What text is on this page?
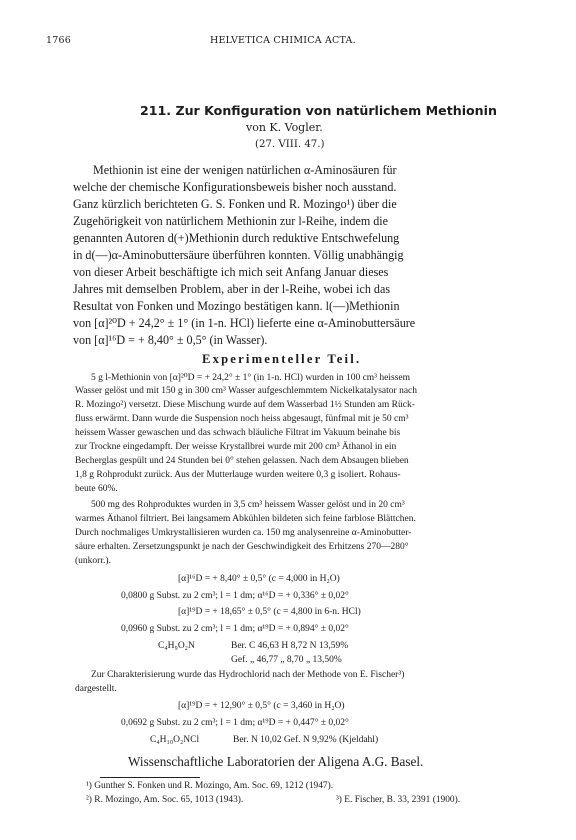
1766	HELVETICA CHIMICA ACTA.
211. Zur Konfiguration von natürlichem Methionin
von K. Vogler.
(27. VIII. 47.)
Methionin ist eine der wenigen natürlichen α-Aminosäuren für
welche der chemische Konfigurationsbeweis bisher noch ausstand.
Ganz kürzlich berichteten G. S. Fonken und R. Mozingo¹) über die
Zugehörigkeit von natürlichem Methionin zur l-Reihe, indem die
genannten Autoren d(+)Methionin durch reduktive Entschwefelung
in d(—)α-Aminobuttersäure überführen konnten. Völlig unabhängig
von dieser Arbeit beschäftigte ich mich seit Anfang Januar dieses
Jahres mit demselben Problem, aber in der l-Reihe, wobei ich das
Resultat von Fonken und Mozingo bestätigen kann. l(—)Methionin
von [α]²⁰D + 24,2° ± 1° (in 1-n. HCl) lieferte eine α-Aminobuttersäure
von [α]¹⁶D = + 8,40° ± 0,5° (in Wasser).
Experimenteller Teil.
5 g l-Methionin von [α]²⁰D = + 24,2° ± 1° (in 1-n. HCl) wurden in 100 cm³ heissem
Wasser gelöst und mit 150 g in 300 cm³ Wasser aufgeschlemmtem Nickelkatalysator nach
R. Mozingo²) versetzt. Diese Mischung wurde auf dem Wasserbad 1½ Stunden am Rück-
fluss erwärmt. Dann wurde die Suspension noch heiss abgesaugt, fünfmal mit je 50 cm³
heissem Wasser gewaschen und das schwach bläuliche Filtrat im Vakuum beinahe bis
zur Trockne eingedampft. Der weisse Krystallbrei wurde mit 200 cm³ Äthanol in ein
Becherglas gespült und 24 Stunden bei 0° stehen gelassen. Nach dem Absaugen blieben
1,8 g Rohprodukt zurück. Aus der Mutterlauge wurden weitere 0,3 g isoliert. Rohaus-
beute 60%.
500 mg des Rohproduktes wurden in 3,5 cm³ heissem Wasser gelöst und in 20 cm³
warmes Äthanol filtriert. Bei langsamem Abkühlen bildeten sich feine farblose Blättchen.
Durch nochmaliges Umkrystallisieren wurden ca. 150 mg analysenreine α-Aminobutter-
säure erhalten. Zersetzungspunkt je nach der Geschwindigkeit des Erhitzens 270—280°
(unkorr.).
[α]¹⁶D = + 8,40° ± 0,5° (c = 4,000 in H₂O)
0,0800 g Subst. zu 2 cm³; l = 1 dm; α¹⁶D = + 0,336° ± 0,02°
[α]¹⁹D = + 18,65° ± 0,5° (c = 4,800 in 6-n. HCl)
0,0960 g Subst. zu 2 cm³; l = 1 dm; α¹⁹D = + 0,894° ± 0,02°
C₄H₉O₂N	Ber. C 46,63 H 8,72 N 13,59%
Gef. „ 46,77 „ 8,70 „ 13,50%
Zur Charakterisierung wurde das Hydrochlorid nach der Methode von E. Fischer³)
dargestellt.
[α]¹⁹D = + 12,90° ± 0,5° (c = 3,460 in H₂O)
0,0692 g Subst. zu 2 cm³; l = 1 dm; α¹⁹D = + 0,447° ± 0,02°
C₄H₁₀O₂NCl	Ber. N 10,02 Gef. N 9,92% (Kjeldahl)
Wissenschaftliche Laboratorien der Aligena A.G. Basel.
¹) Gunther S. Fonken und R. Mozingo, Am. Soc. 69, 1212 (1947).
²) R. Mozingo, Am. Soc. 65, 1013 (1943).	³) E. Fischer, B. 33, 2391 (1900).
